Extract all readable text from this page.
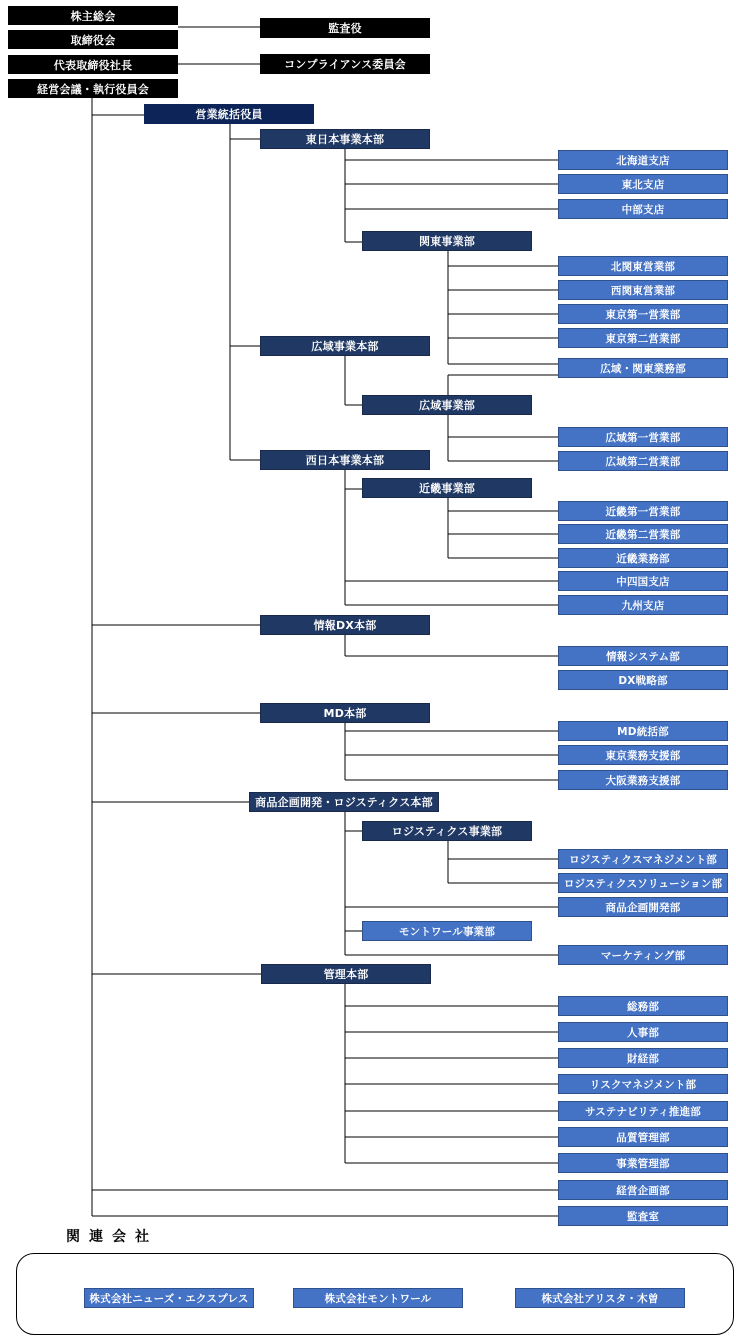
株主総会
取締役会
代表取締役社長
経営会議・執行役員会
監査役
コンプライアンス委員会
営業統括役員
東日本事業本部
北海道支店
東北支店
中部支店
関東事業部
北関東営業部
西関東営業部
東京第一営業部
東京第二営業部
広域・関東業務部
広域事業本部
広域事業部
広域第一営業部
広域第二営業部
西日本事業本部
近畿事業部
近畿第一営業部
近畿第二営業部
近畿業務部
中四国支店
九州支店
情報DX本部
情報システム部
DX戦略部
MD本部
MD統括部
東京業務支援部
大阪業務支援部
商品企画開発・ロジスティクス本部
ロジスティクス事業部
ロジスティクスマネジメント部
ロジスティクスソリューション部
商品企画開発部
モントワール事業部
マーケティング部
管理本部
総務部
人事部
財経部
リスクマネジメント部
サステナビリティ推進部
品質管理部
事業管理部
経営企画部
監査室
関連会社
株式会社ニューズ・エクスプレス	株式会社モントワール	株式会社アリスタ・木曽
